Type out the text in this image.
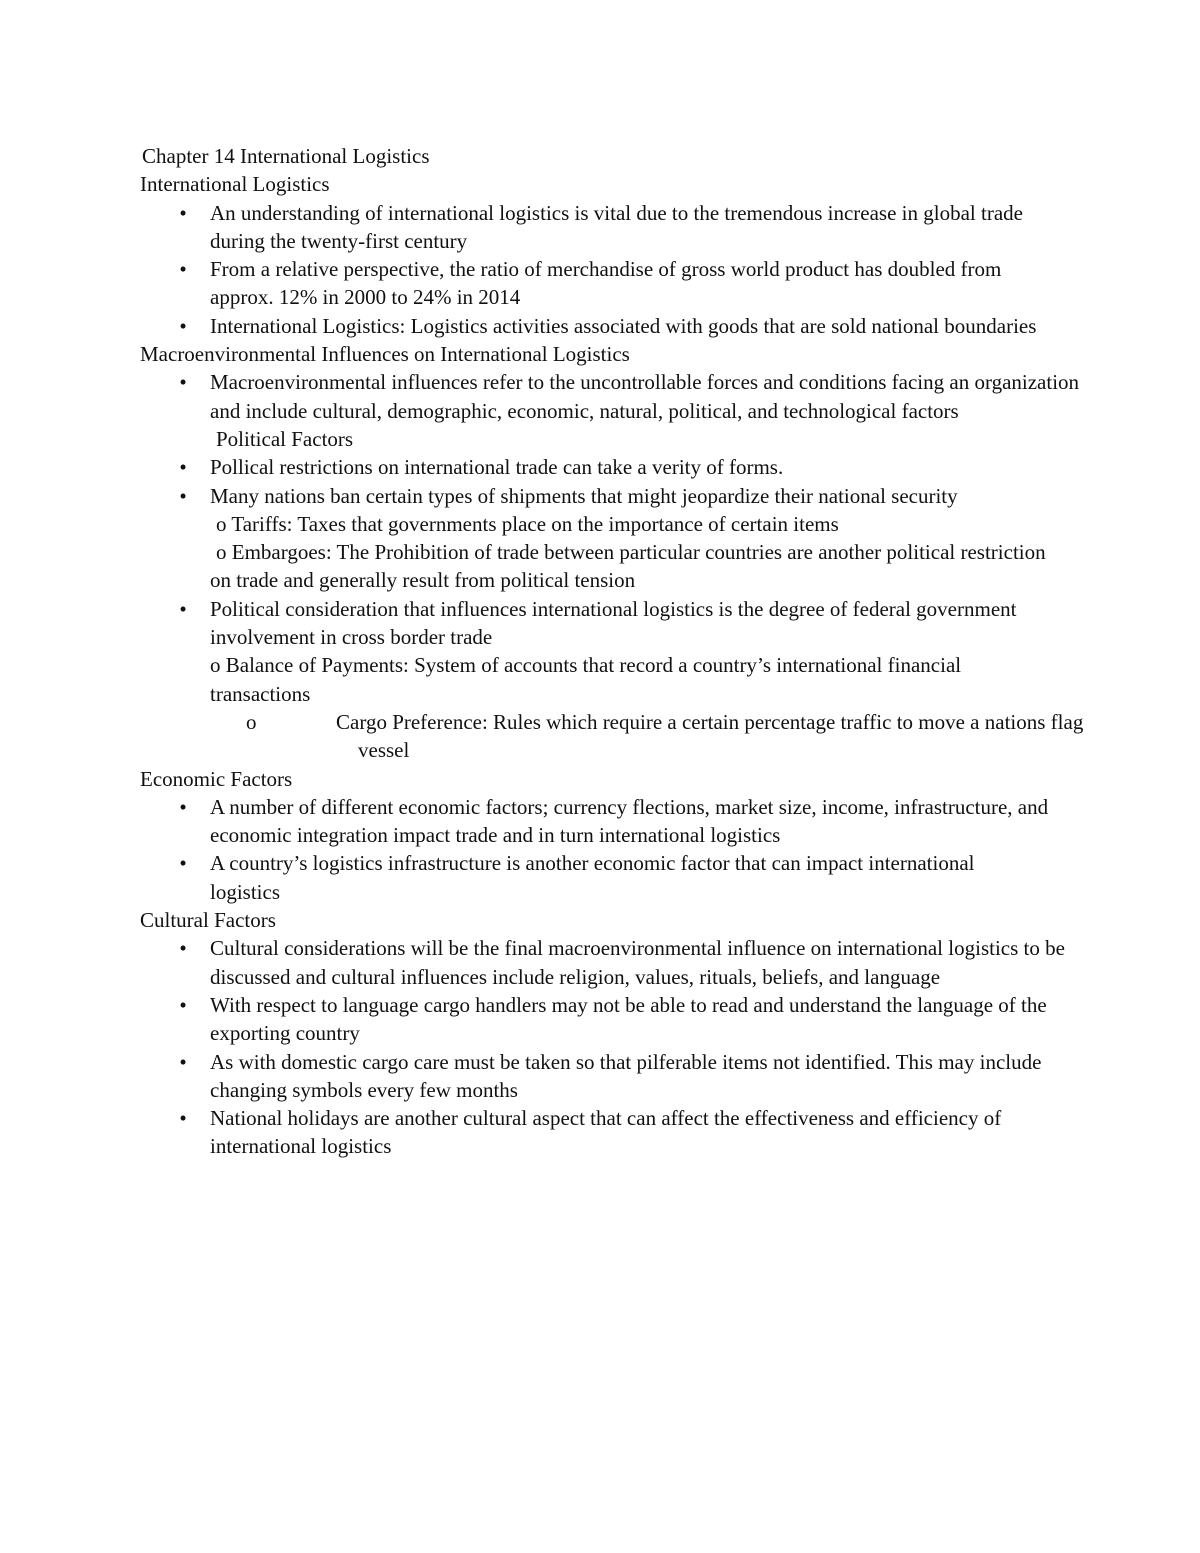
Chapter 14 International Logistics
International Logistics
•	An understanding of international logistics is vital due to the tremendous increase in global trade during the twenty-first century
•	From a relative perspective, the ratio of merchandise of gross world product has doubled from approx. 12% in 2000 to 24% in 2014
•	International Logistics: Logistics activities associated with goods that are sold national boundaries
Macroenvironmental Influences on International Logistics
•	Macroenvironmental influences refer to the uncontrollable forces and conditions facing an organization and include cultural, demographic, economic, natural, political, and technological factors
Political Factors
•	Pollical restrictions on international trade can take a verity of forms.
•	Many nations ban certain types of shipments that might jeopardize their national security
o Tariffs: Taxes that governments place on the importance of certain items
o Embargoes: The Prohibition of trade between particular countries are another political restriction on trade and generally result from political tension
•	Political consideration that influences international logistics is the degree of federal government involvement in cross border trade
o Balance of Payments: System of accounts that record a country’s international financial transactions
o	Cargo Preference: Rules which require a certain percentage traffic to move a nations flag vessel
Economic Factors
•	A number of different economic factors; currency flections, market size, income, infrastructure, and economic integration impact trade and in turn international logistics
•	A country’s logistics infrastructure is another economic factor that can impact international logistics
Cultural Factors
•	Cultural considerations will be the final macroenvironmental influence on international logistics to be discussed and cultural influences include religion, values, rituals, beliefs, and language
•	With respect to language cargo handlers may not be able to read and understand the language of the exporting country
•	As with domestic cargo care must be taken so that pilferable items not identified. This may include changing symbols every few months
•	National holidays are another cultural aspect that can affect the effectiveness and efficiency of international logistics
